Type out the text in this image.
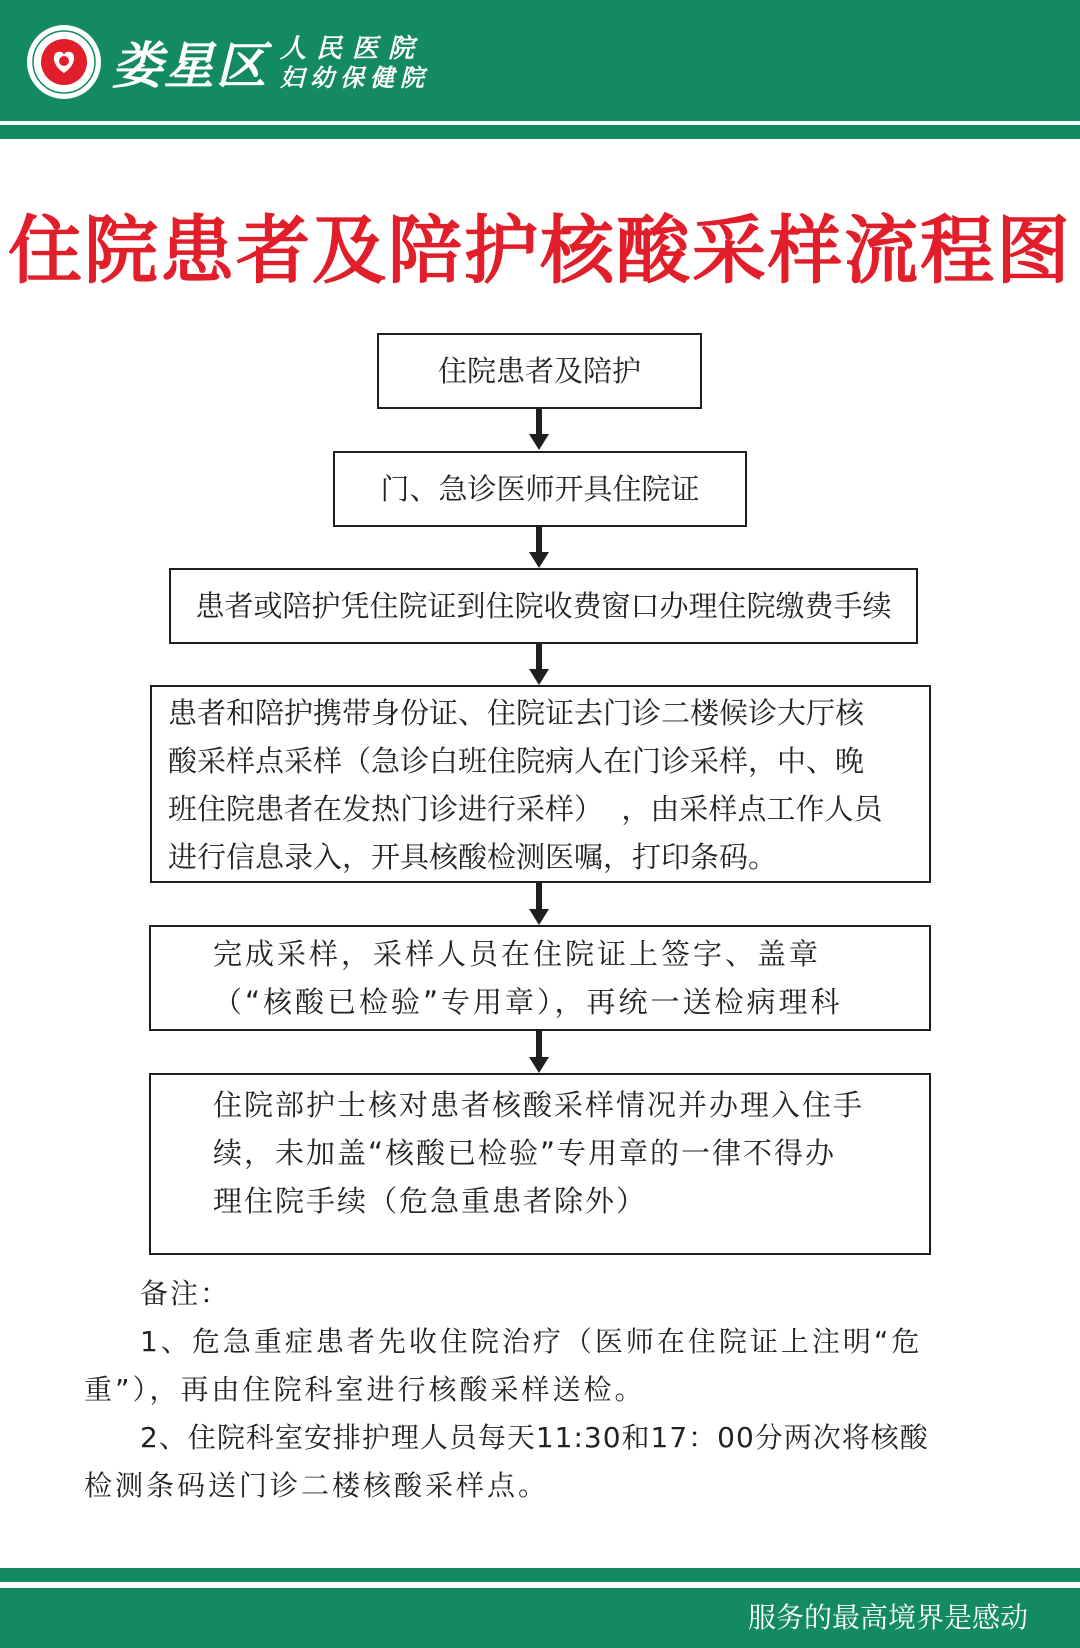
娄星区 人民医院
妇幼保健院
住院患者及陪护核酸采样流程图
住院患者及陪护
门、急诊医师开具住院证
患者或陪护凭住院证到住院收费窗口办理住院缴费手续
患者和陪护携带身份证、住院证去门诊二楼候诊大厅核
酸采样点采样（急诊白班住院病人在门诊采样，中、晚
班住院患者在发热门诊进行采样）  ，由采样点工作人员
进行信息录入，开具核酸检测医嘱，打印条码。
完成采样，采样人员在住院证上签字、盖章
（“核酸已检验”专用章），再统一送检病理科
住院部护士核对患者核酸采样情况并办理入住手
续，未加盖“核酸已检验”专用章的一律不得办
理住院手续（危急重患者除外）
备注：
1、危急重症患者先收住院治疗（医师在住院证上注明“危
重”），再由住院科室进行核酸采样送检。
2、住院科室安排护理人员每天11:30和17：00分两次将核酸
检测条码送门诊二楼核酸采样点。
服务的最高境界是感动
